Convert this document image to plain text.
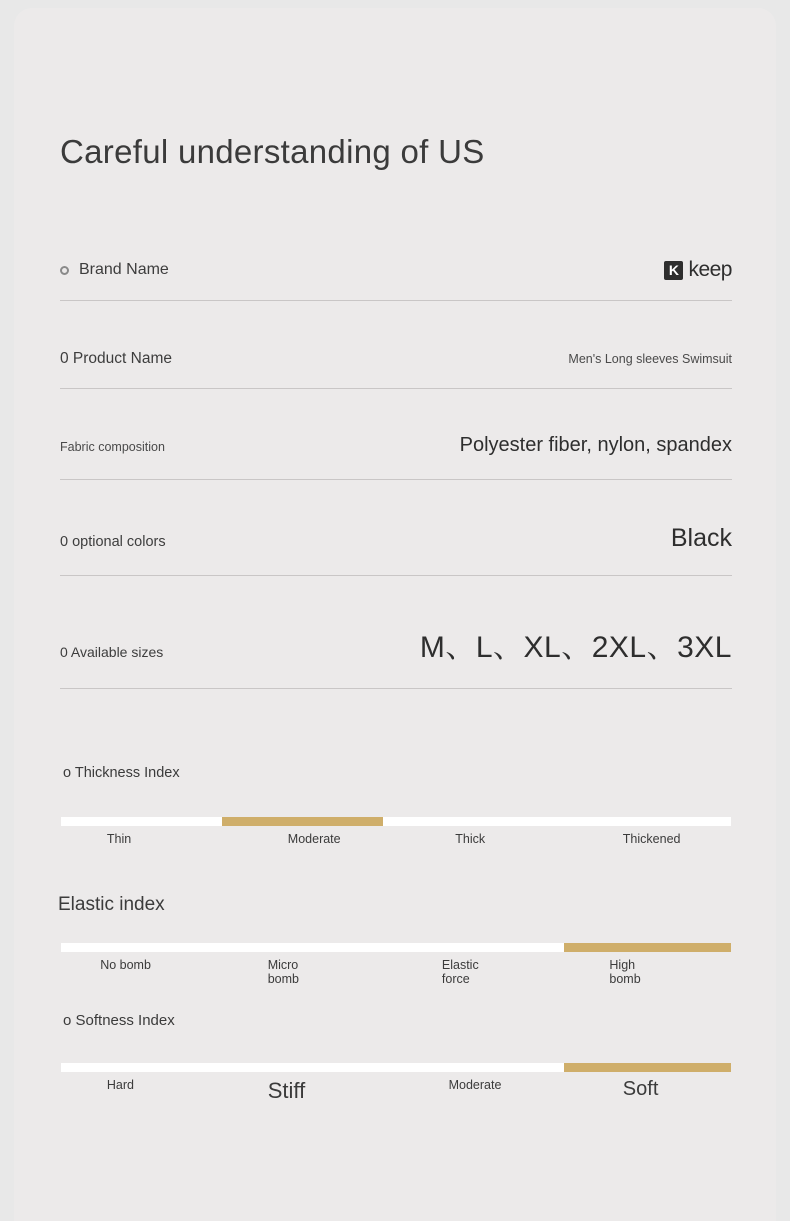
Careful understanding of US
Brand Name	K keep
0 Product Name	Men's Long sleeves Swimsuit
Fabric composition	Polyester fiber, nylon, spandex
0 optional colors	Black
0 Available sizes	M、L、XL、2XL、3XL
o Thickness Index
Thin	Moderate	Thick	Thickened
Elastic index
No bomb	Micro bomb
Elastic force
High bomb
o Softness Index
Hard	Stiff	Moderate	Soft
